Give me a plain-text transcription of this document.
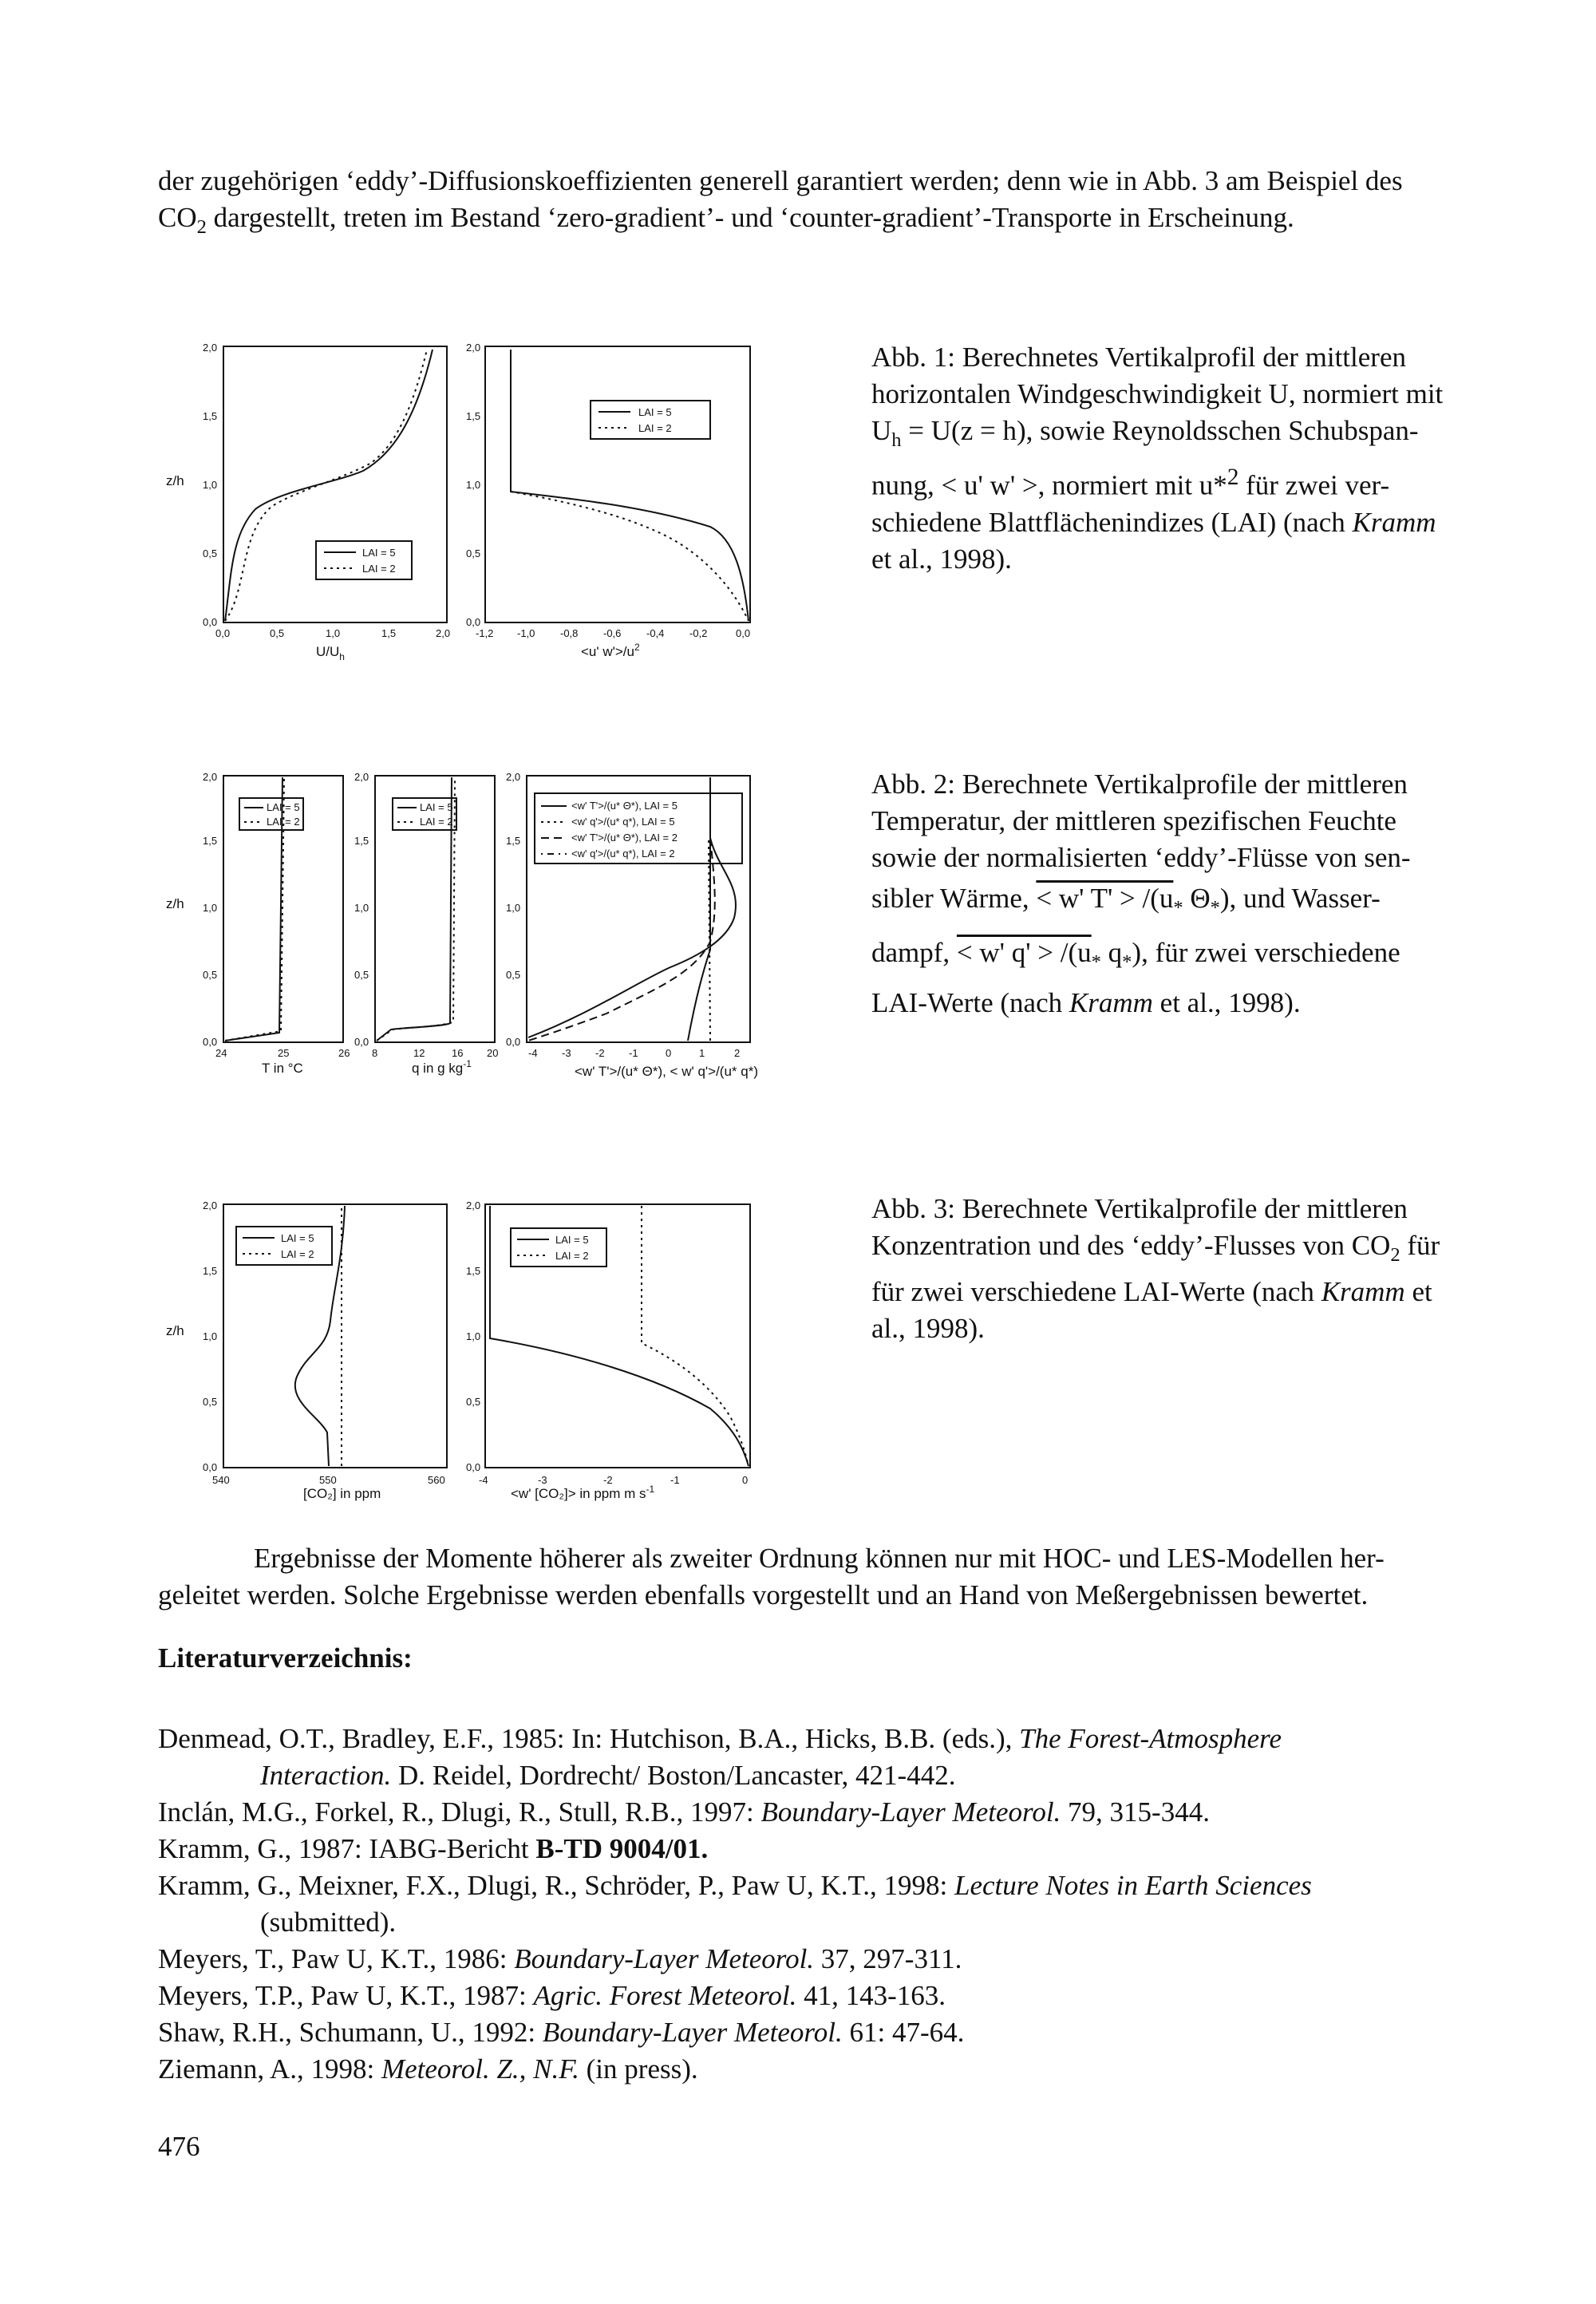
der zugehörigen ‘eddy’-Diffusionskoeffizienten generell garantiert werden; denn wie in Abb. 3 am Beispiel des
$CO_2$ dargestellt, treten im Bestand ‘zero-gradient’- und ‘counter-gradient’-Transporte in Erscheinung.
z/h
0,0
0,5
1,0
1,5
2,0
0,0	0,5	1,0	1,5	2,0
$U/U_h$
LAI = 5
LAI = 2
0,0
0,5
1,0
1,5
2,0
-1,2 -1,0 -0,8 -0,6 -0,4 -0,2	0,0
<u' $w'>/u^2$
LAI = 5
LAI = 2
Abb. 1: Berechnetes Vertikalprofil der mittleren
horizontalen Windgeschwindigkeit U, normiert mit
$U_h = U(z = h)$, sowie Reynoldsschen Schubspan-
nung, < u' w' >, normiert mit u*$^2$ für zwei ver-
schiedene Blattflächenindizes (LAI) (nach Kramm
et al., 1998).
z/h
0,0
0,5
1,0
1,5
2,0
24	25	26
T in °C
LAI = 5
LAI = 2
0,0
0,5
1,0
1,5
2,0
8	12	16 20
q in g $kg^{-1}$
LAI = 5
LAI = 2
0,0
0,5
1,0
1,5
2,0
-4 -3 -2 -1	0	1	2
<w' T'>/(u* Θ*), < w' q'>/(u* q*)
<w' T'>/(u* Θ*), LAI = 5
<w' q'>/(u* q*), LAI = 5
<w' T'>/(u* Θ*), LAI = 2
<w' q'>/(u* q*), LAI = 2
Abb. 2: Berechnete Vertikalprofile der mittleren
Temperatur, der mittleren spezifischen Feuchte
sowie der normalisierten ‘eddy’-Flüsse von sen-
sibler Wärme, < w' $T' > /(u_*$ $\Theta_*$), und Wasser-
dampf, < w' $q' > /(u_*$ $q_*$), für zwei verschiedene
LAI-Werte (nach Kramm et al., 1998).
z/h
0,0
0,5
1,0
1,5
2,0
540	550	560
[CO₂] in ppm
LAI = 5
LAI = 2
0,0
0,5
1,0
1,5
2,0
-4	-3	-2	-1	0
<w' [CO₂]> in ppm m $s^{-1}$
LAI = 5
LAI = 2
Abb. 3: Berechnete Vertikalprofile der mittleren
Konzentration und des ‘eddy’-Flusses von $CO_2$ für
für zwei verschiedene LAI-Werte (nach Kramm et
al., 1998).
Ergebnisse der Momente höherer als zweiter Ordnung können nur mit HOC- und LES-Modellen her-
geleitet werden. Solche Ergebnisse werden ebenfalls vorgestellt und an Hand von Meßergebnissen bewertet.
Literaturverzeichnis:
Denmead, O.T., Bradley, E.F., 1985: In: Hutchison, B.A., Hicks, B.B. (eds.), The Forest-Atmosphere
Interaction. D. Reidel, Dordrecht/ Boston/Lancaster, 421-442.
Inclán, M.G., Forkel, R., Dlugi, R., Stull, R.B., 1997: Boundary-Layer Meteorol. 79, 315-344.
Kramm, G., 1987: IABG-Bericht B-TD 9004/01.
Kramm, G., Meixner, F.X., Dlugi, R., Schröder, P., Paw U, K.T., 1998: Lecture Notes in Earth Sciences
(submitted).
Meyers, T., Paw U, K.T., 1986: Boundary-Layer Meteorol. 37, 297-311.
Meyers, T.P., Paw U, K.T., 1987: Agric. Forest Meteorol. 41, 143-163.
Shaw, R.H., Schumann, U., 1992: Boundary-Layer Meteorol. 61: 47-64.
Ziemann, A., 1998: Meteorol. Z., N.F. (in press).
476
